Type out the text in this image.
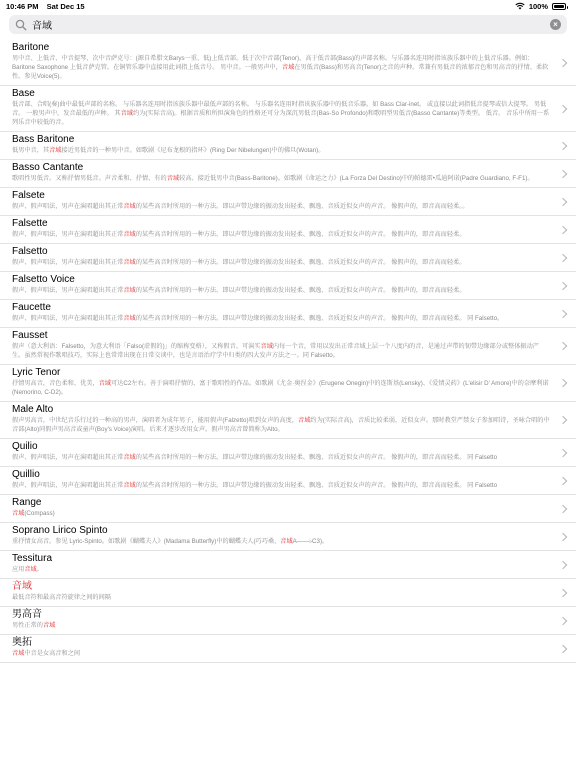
10:46 PM Sat Dec 15	100%
音域
×
Baritone
男中音、上低音、中音提琴、次中音萨克号：(源自希腊文Barys一重、低)上低音部。低于次中音部(Tenor)、高于低音部(Bass)的声部名称。与乐器名连用时指该族乐器中的上低音乐器。例如：Baritone Saxophone 上低音萨克管。在铜管乐器中直接用此词指上低音号。 男中音。一般男声中，音域在男低音(Bass)和男高音(Tenor)之音的声种。常兼有男低音的浓郁音色和男高音的抒情、柔软性。参见Voice(5)。
Base
低音部、合唱(奏)曲中最低声部的名称。 与乐器名连用时指该族乐器中最低声部的名称。 与乐器名连用时指该族乐器中的低音乐器。如 Bass Clar-inet。 或直接以此词指低音提琴或倍大提琴。 男低音。 一般男声中，发音最低的声种。 其音域约为(实际音高)。根据音质和所担演角色的性格还可分为深沉男低音(Bas-So Profondo)和歌唱型男低音(Basso Cantante)等类型。 低音。 音乐中所用一系列乐音中较低的音。
Bass Baritone
低男中音，其音域接近男低音的一种男中音。如歌剧《尼布龙根的指环》(Ring Der Nibelungen)中的佛旦(Wotan)。
Basso Cantante
歌唱性男低音。又称抒情男低音。声音柔和、抒情、有的音域较高、接近低男中音(Bass-Baritone)。如歌剧《命运之力》(La Forza Del Destino)中的帕德雷•瓜迪阿诺(Padre Guardiano, F-F1)。
Falsete
假声、假声唱法，男声在演唱超出其正常音域的某些高音时所用的一种方法。即以声带边缘的振动发出轻柔、飘逸、音质近似女声的声音。 像假声的，即音高而轻柔。。
Falsette
假声、假声唱法，男声在演唱超出其正常音域的某些高音时所用的一种方法。即以声带边缘的振动发出轻柔、飘逸、音质近似女声的声音。 像假声的，即音高而轻柔。
Falsetto
假声、假声唱法，男声在演唱超出其正常音域的某些高音时所用的一种方法。即以声带边缘的振动发出轻柔、飘逸、音质近似女声的声音。 像假声的，即音高而轻柔。
Falsetto Voice
假声、假声唱法，男声在演唱超出其正常音域的某些高音时所用的一种方法。即以声带边缘的振动发出轻柔、飘逸、音质近似女声的声音。 像假声的，即音高而轻柔。
Faucette
假声、假声唱法，男声在演唱超出其正常音域的某些高音时所用的一种方法。即以声带边缘的振动发出轻柔、飘逸、音质近似女声的声音。 像假声的，即音高而轻柔。 同 Falsetto。
Fausset
假声（意大利语：Falsetto，为意大利语「Falso(虚假的)」的缩称变格），又称假音、可演实音域内每一个音，常用以发出正常音域上层一个八度内的音，是通过声带的韧带边缘部分或整体振动产生。虽然常视作歌唱技巧，实际上也常常出现在日常交谈中，也是言语治疗学中归类的四大发声方法之一。同 Falsetto。
Lyric Tenor
抒情男高音，音色柔和、优美，音域可达C2左右。善于演唱抒情的、富于歌唱性的作品。如歌剧《尤金·奥涅金》(Erugene Onegin)中的连斯基(Lensky)、《爱情灵药》(L'elisir D' Amore)中的奈摩利诺(Nemorino, C-D2)。
Male Alto
假声男高音，中世纪音乐行过的一种高的男声，演唱者为成年男子，能用假声(Falzetto)唱到女声的高度，音域约为(实际音高)，音质比较柔弱，近似女声。那时教堂严禁女子参加唱诗，圣咏合唱的中音部(Alto)同假声男高音或童声(Boy's Voice)演唱。后来才逐步改用女声。假声男高音曾简称为Alto。
Quilio
假声、假声唱法，男声在演唱超出其正常音域的某些高音时所用的一种方法。即以声带边缘的振动发出轻柔、飘逸、音质近似女声的声音。 像假声的，即音高而轻柔。 同 Falsetto
Quillio
假声、假声唱法，男声在演唱超出其正常音域的某些高音时所用的一种方法。即以声带边缘的振动发出轻柔、飘逸、音质近似女声的声音。 像假声的，即音高而轻柔。 同 Falsetto
Range
音域(Compass)
Soprano Lirico Spinto
重抒情女高音。参见 Lyric-Spinto。如歌剧《蝴蝶夫人》(Madama Butterfly)中的蝴蝶夫人(巧巧桑，音域A——♭C3)。
Tessitura
应用音域。
音域
最低音符和最高音符旋律之间的间隔
男高音
男性正常的音域
奥拓
音域中音是女高音和之间
